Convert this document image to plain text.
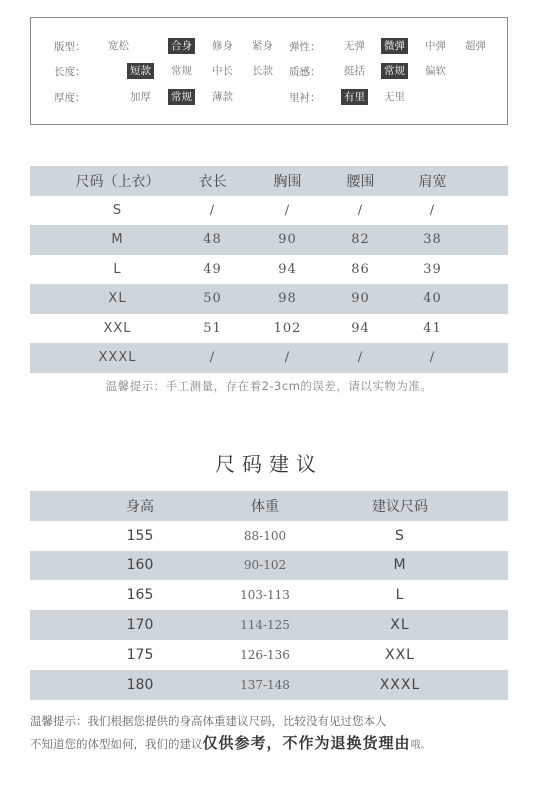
版型： 宽松	合身 修身 紧身
长度：	短款 常规 中长 长款
厚度：	加厚 常规 薄款
弹性： 无弹 微弹 中弹 超弹
质感： 挺括 常规 偏软
里衬： 有里 无里
尺码（上衣）	衣长	胸围	腰围	肩宽
S	/	/	/	/
M	48	90	82	38
L	49	94	86	39
XL	50	98	90	40
XXL	51	102	94	41
XXXL	/	/	/	/
温馨提示：手工测量，存在着2-3cm的误差，请以实物为准。
尺码建议
身高	体重	建议尺码
155	88-100	S
160	90-102	M
165	103-113	L
170	114-125	XL
175	126-136	XXL
180	137-148	XXXL
温馨提示：我们根据您提供的身高体重建议尺码，比较没有见过您本人
不知道您的体型如何，我们的建议仅供参考，不作为退换货理由哦。
